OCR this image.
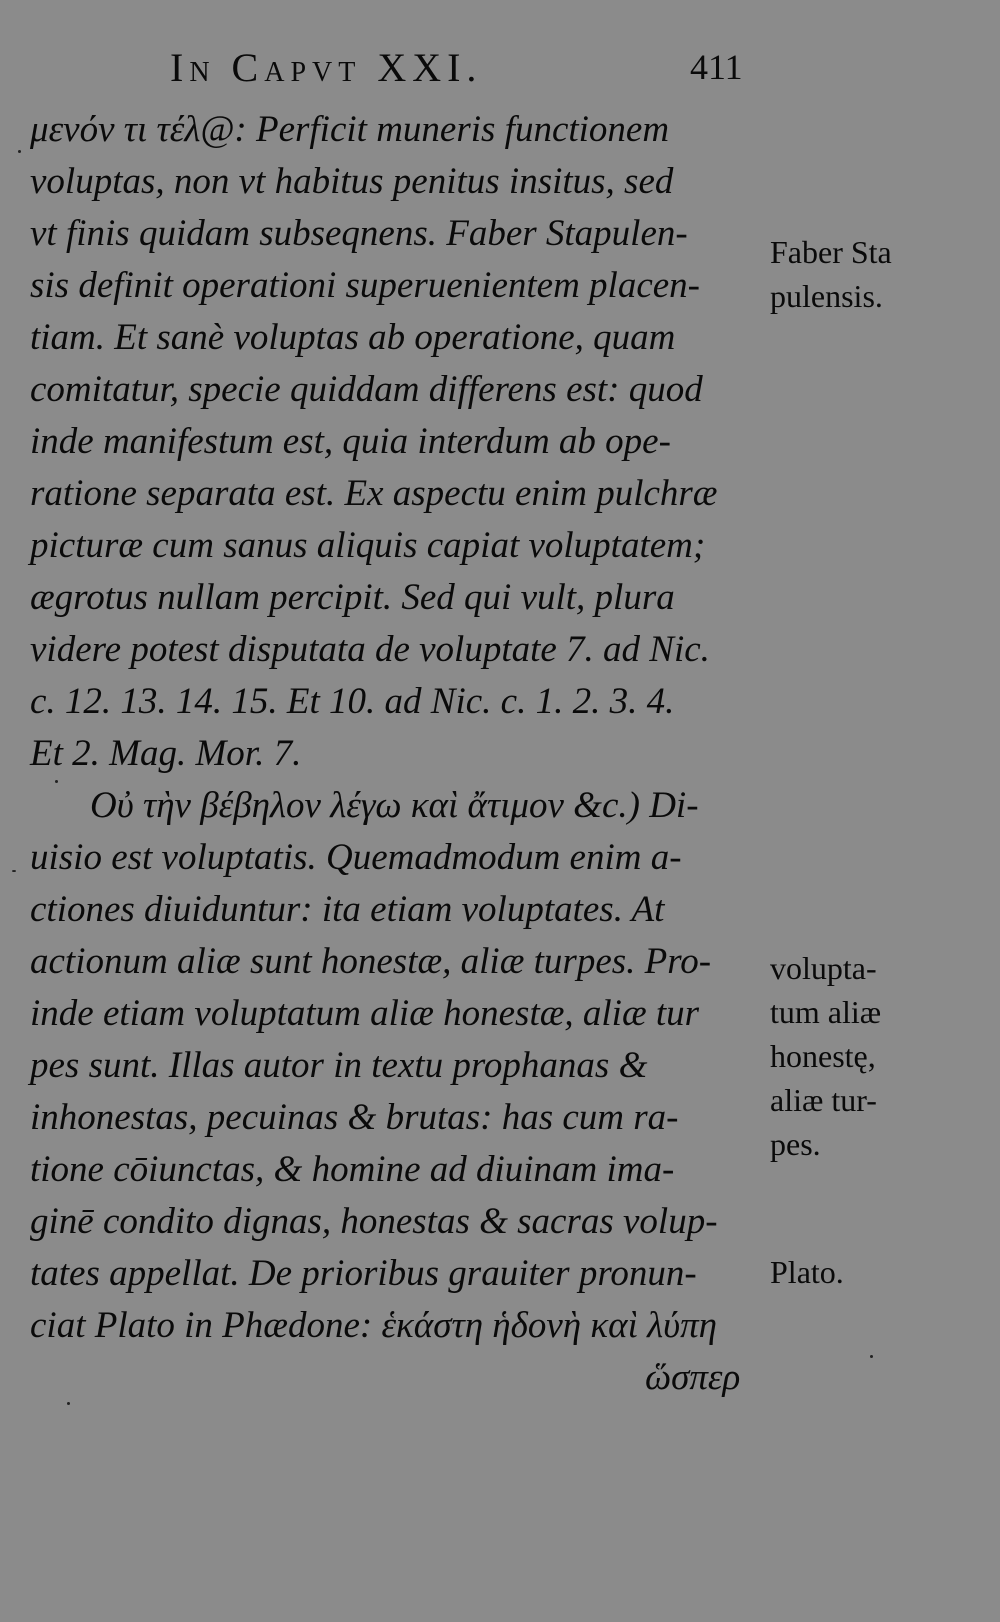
In Capvt XXI.	411
μενόν τι τέλ@: Perficit muneris functionem
voluptas, non vt habitus penitus insitus, sed
vt finis quidam subseqnens. Faber Stapulen-
sis definit operationi superuenientem placen-
tiam. Et sanè voluptas ab operatione, quam
comitatur, specie quiddam differens est: quod
inde manifestum est, quia interdum ab ope-
ratione separata est. Ex aspectu enim pulchræ
picturæ cum sanus aliquis capiat voluptatem;
ægrotus nullam percipit. Sed qui vult, plura
videre potest disputata de voluptate 7. ad Nic.
c. 12. 13. 14. 15. Et 10. ad Nic. c. 1. 2. 3. 4.
Et 2. Mag. Mor. 7.
Οὐ τὴν βέβηλον λέγω καὶ ἄτιμον &c.) Di-
uisio est voluptatis. Quemadmodum enim a-
ctiones diuiduntur: ita etiam voluptates. At
actionum aliæ sunt honestæ, aliæ turpes. Pro-
inde etiam voluptatum aliæ honestæ, aliæ tur
pes sunt. Illas autor in textu prophanas &
inhonestas, pecuinas & brutas: has cum ra-
tione cōiunctas, & homine ad diuinam ima-
ginē condito dignas, honestas & sacras volup-
tates appellat. De prioribus grauiter pronun-
ciat Plato in Phædone: ἑκάστη ἡδονὴ καὶ λύπη
ὥσπερ
Faber Sta
pulensis.
volupta-
tum aliæ
honestę,
aliæ tur-
pes.
Plato.
